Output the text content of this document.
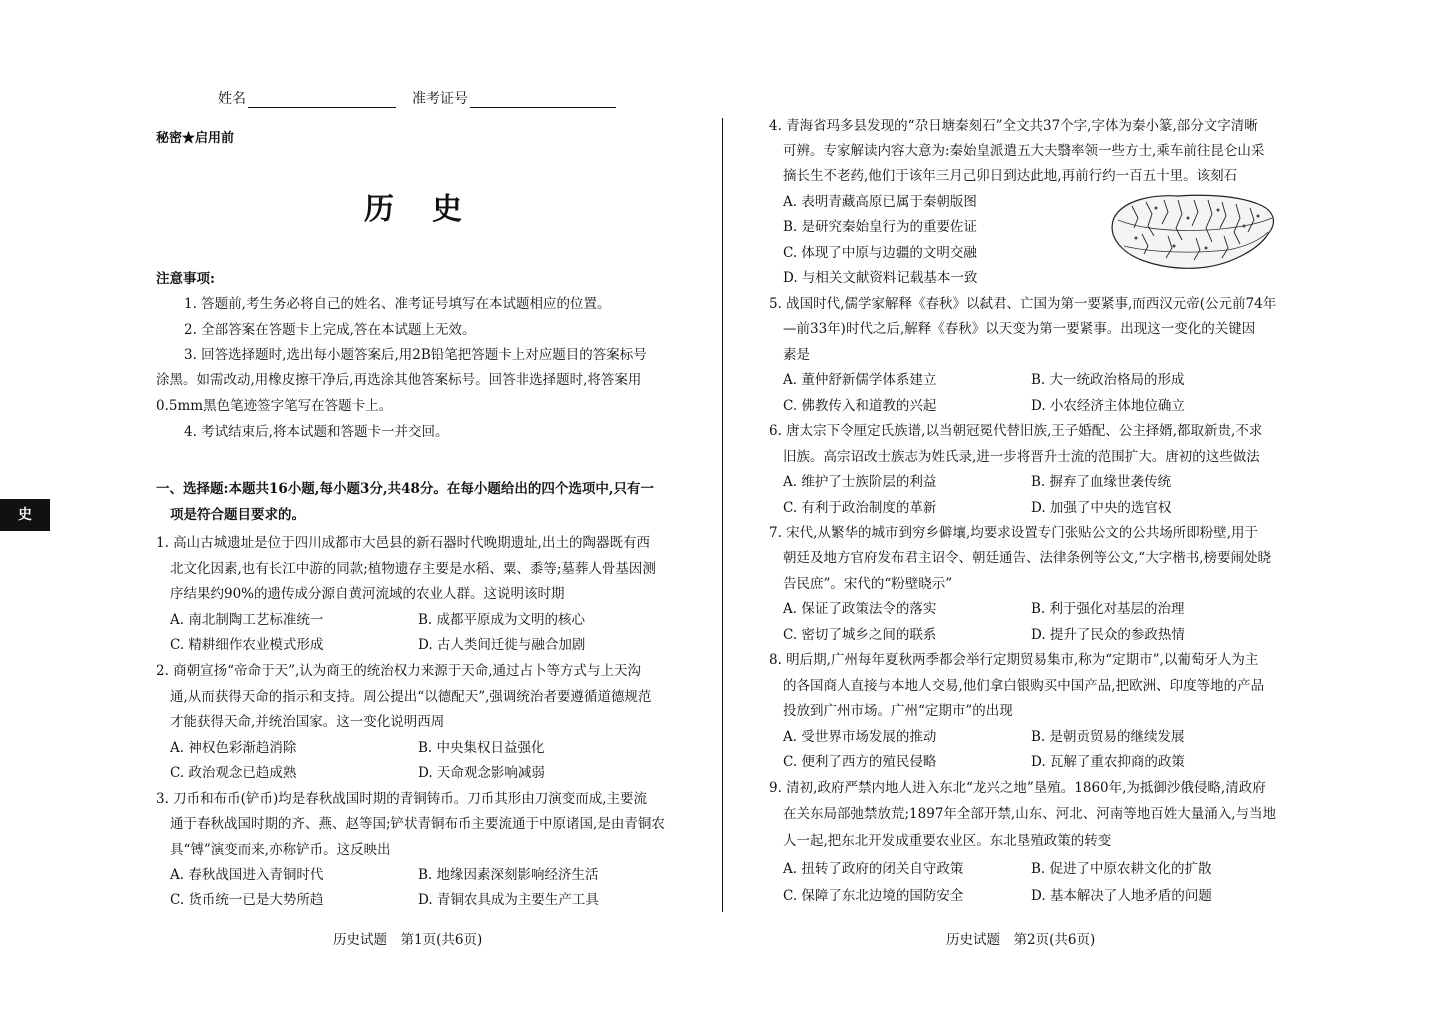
姓名	准考证号
秘密★启用前
历史
注意事项:
1. 答题前,考生务必将自己的姓名、准考证号填写在本试题相应的位置。
2. 全部答案在答题卡上完成,答在本试题上无效。
3. 回答选择题时,选出每小题答案后,用2B铅笔把答题卡上对应题目的答案标号
涂黑。如需改动,用橡皮擦干净后,再选涂其他答案标号。回答非选择题时,将答案用
0.5mm黑色笔迹签字笔写在答题卡上。
4. 考试结束后,将本试题和答题卡一并交回。
一、选择题:本题共16小题,每小题3分,共48分。在每小题给出的四个选项中,只有一
项是符合题目要求的。
史
1. 高山古城遗址是位于四川成都市大邑县的新石器时代晚期遗址,出土的陶器既有西
北文化因素,也有长江中游的同款;植物遗存主要是水稻、粟、黍等;墓葬人骨基因测
序结果约90%的遗传成分源自黄河流域的农业人群。这说明该时期
A. 南北制陶工艺标准统一	B. 成都平原成为文明的核心
C. 精耕细作农业模式形成	D. 古人类间迁徙与融合加剧
2. 商朝宣扬“帝命于天”,认为商王的统治权力来源于天命,通过占卜等方式与上天沟
通,从而获得天命的指示和支持。周公提出“以德配天”,强调统治者要遵循道德规范
才能获得天命,并统治国家。这一变化说明西周
A. 神权色彩渐趋消除	B. 中央集权日益强化
C. 政治观念已趋成熟	D. 天命观念影响减弱
3. 刀币和布币(铲币)均是春秋战国时期的青铜铸币。刀币其形由刀演变而成,主要流
通于春秋战国时期的齐、燕、赵等国;铲状青铜布币主要流通于中原诸国,是由青铜农
具“镈”演变而来,亦称铲币。这反映出
A. 春秋战国进入青铜时代	B. 地缘因素深刻影响经济生活
C. 货币统一已是大势所趋	D. 青铜农具成为主要生产工具
4. 青海省玛多县发现的“尕日塘秦刻石”全文共37个字,字体为秦小篆,部分文字清晰
可辨。专家解读内容大意为:秦始皇派遣五大夫翳率领一些方士,乘车前往昆仑山采
摘长生不老药,他们于该年三月己卯日到达此地,再前行约一百五十里。该刻石
A. 表明青藏高原已属于秦朝版图
B. 是研究秦始皇行为的重要佐证
C. 体现了中原与边疆的文明交融
D. 与相关文献资料记载基本一致
5. 战国时代,儒学家解释《春秋》以弑君、亡国为第一要紧事,而西汉元帝(公元前74年
—前33年)时代之后,解释《春秋》以天变为第一要紧事。出现这一变化的关键因
素是
A. 董仲舒新儒学体系建立	B. 大一统政治格局的形成
C. 佛教传入和道教的兴起	D. 小农经济主体地位确立
6. 唐太宗下令厘定氏族谱,以当朝冠冕代替旧族,王子婚配、公主择婿,都取新贵,不求
旧族。高宗诏改士族志为姓氏录,进一步将晋升士流的范围扩大。唐初的这些做法
A. 维护了士族阶层的利益	B. 摒弃了血缘世袭传统
C. 有利于政治制度的革新	D. 加强了中央的选官权
7. 宋代,从繁华的城市到穷乡僻壤,均要求设置专门张贴公文的公共场所即粉壁,用于
朝廷及地方官府发布君主诏令、朝廷通告、法律条例等公文,“大字楷书,榜要闹处晓
告民庶”。宋代的“粉壁晓示”
A. 保证了政策法令的落实	B. 利于强化对基层的治理
C. 密切了城乡之间的联系	D. 提升了民众的参政热情
8. 明后期,广州每年夏秋两季都会举行定期贸易集市,称为“定期市”,以葡萄牙人为主
的各国商人直接与本地人交易,他们拿白银购买中国产品,把欧洲、印度等地的产品
投放到广州市场。广州“定期市”的出现
A. 受世界市场发展的推动	B. 是朝贡贸易的继续发展
C. 便利了西方的殖民侵略	D. 瓦解了重农抑商的政策
9. 清初,政府严禁内地人进入东北“龙兴之地”垦殖。1860年,为抵御沙俄侵略,清政府
在关东局部弛禁放荒;1897年全部开禁,山东、河北、河南等地百姓大量涌入,与当地
人一起,把东北开发成重要农业区。东北垦殖政策的转变
A. 扭转了政府的闭关自守政策	B. 促进了中原农耕文化的扩散
C. 保障了东北边境的国防安全	D. 基本解决了人地矛盾的问题
历史试题　第1页(共6页)	历史试题　第2页(共6页)
